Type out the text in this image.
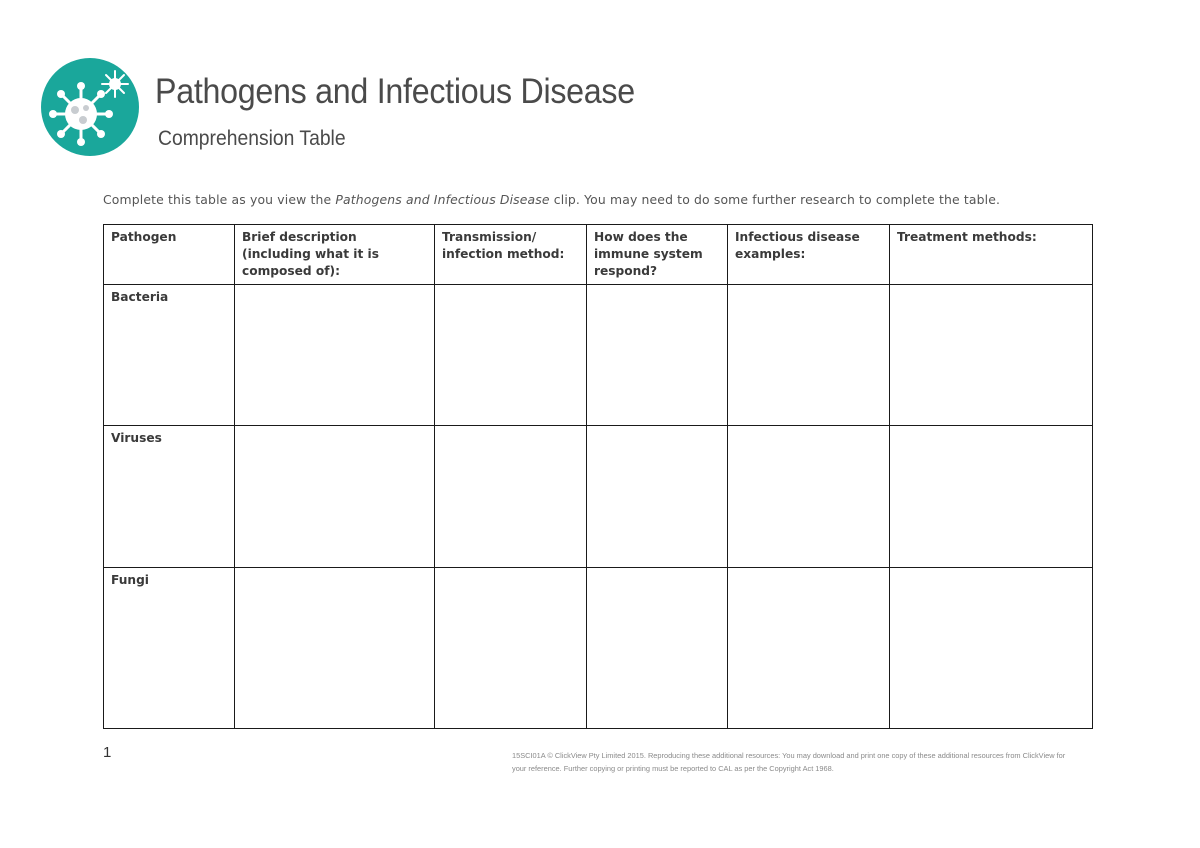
Pathogens and Infectious Disease
Comprehension Table
Complete this table as you view the Pathogens and Infectious Disease clip. You may need to do some further research to complete the table.
Pathogen	Brief description (including what it is composed of):	Transmission/ infection method:	How does the immune system respond?	Infectious disease examples:	Treatment methods:
Bacteria					
Viruses					
Fungi					
1	15SCI01A © ClickView Pty Limited 2015. Reproducing these additional resources: You may download and print one copy of these additional resources from ClickView for your reference. Further copying or printing must be reported to CAL as per the Copyright Act 1968.
